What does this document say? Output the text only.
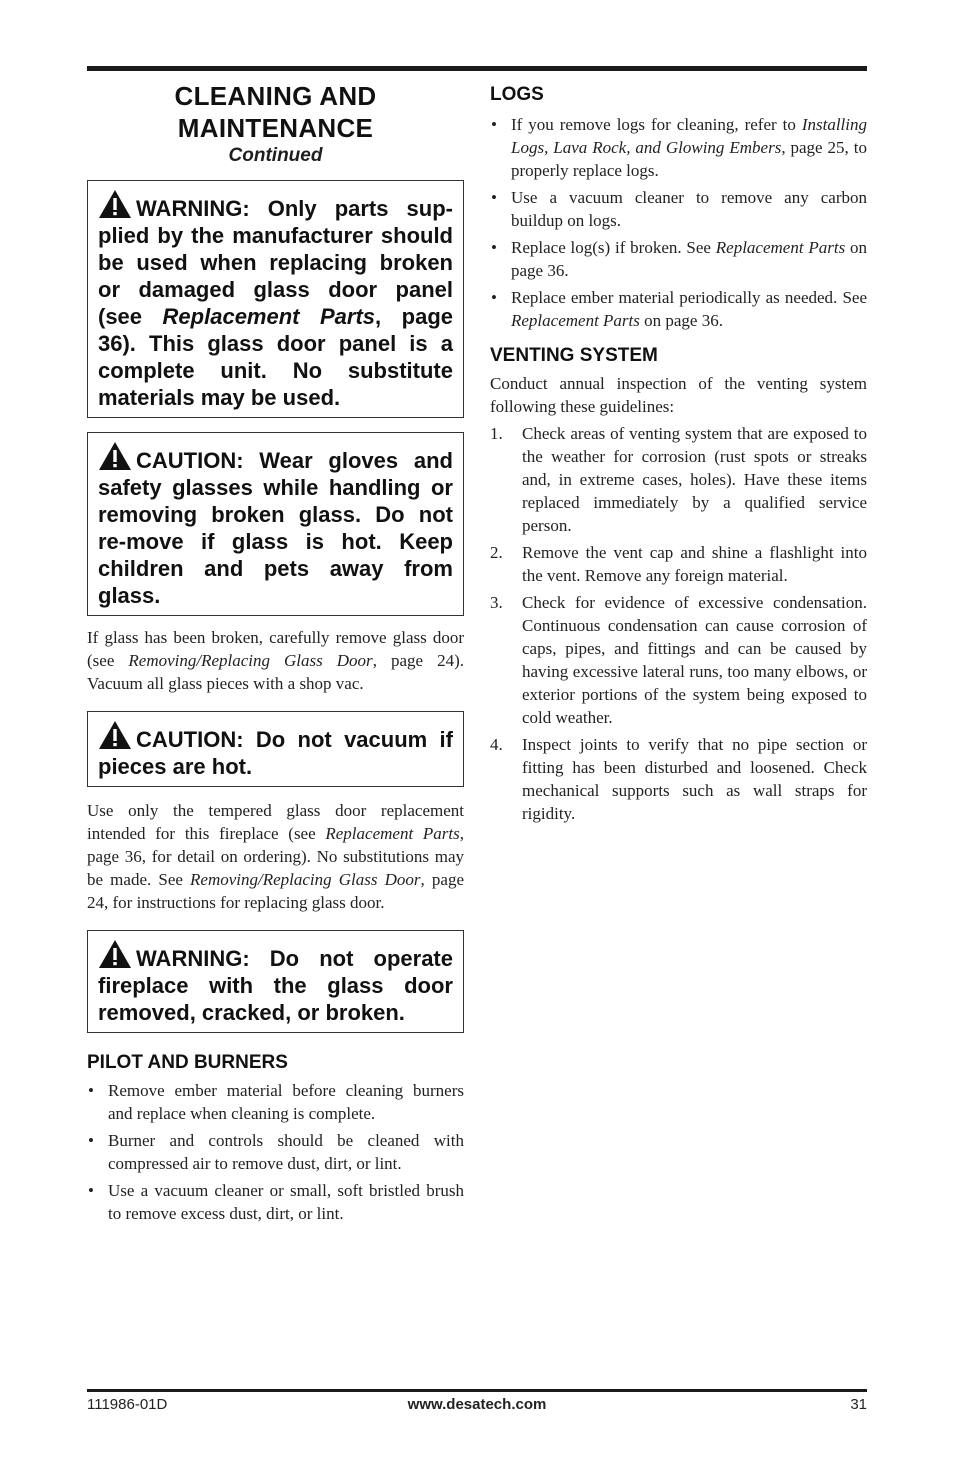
CLEANING AND
MAINTENANCE

Continued

WARNING: Only parts sup-plied by the manufacturer should be used when replacing broken or damaged glass door panel (see Replacement Parts, page 36). This glass door panel is a complete unit. No substitute materials may be used.
CAUTION: Wear gloves and safety glasses while handling or removing broken glass. Do not re-move if glass is hot. Keep children and pets away from glass.

If glass has been broken, carefully remove glass door (see Removing/Replacing Glass Door, page 24). Vacuum all glass pieces with a shop vac.

CAUTION: Do not vacuum if pieces are hot.

Use only the tempered glass door replacement intended for this fireplace (see Replacement Parts, page 36, for detail on ordering). No substitutions may be made. See Removing/Replacing Glass Door, page 24, for instructions for replacing glass door.

WARNING: Do not operate fireplace with the glass door removed, cracked, or broken.
PILOT AND BURNERS
• Remove ember material before cleaning burners and replace when cleaning is complete.
• Burner and controls should be cleaned with compressed air to remove dust, dirt, or lint.
• Use a vacuum cleaner or small, soft bristled brush to remove excess dust, dirt, or lint.
LOGS
• If you remove logs for cleaning, refer to Installing Logs, Lava Rock, and Glowing Embers, page 25, to properly replace logs.
• Use a vacuum cleaner to remove any carbon buildup on logs.
• Replace log(s) if broken. See Replacement Parts on page 36.
• Replace ember material periodically as needed. See Replacement Parts on page 36.
VENTING SYSTEM

Conduct annual inspection of the venting system following these guidelines:

1. Check areas of venting system that are exposed to the weather for corrosion (rust spots or streaks and, in extreme cases, holes). Have these items replaced immediately by a qualified service person.
2. Remove the vent cap and shine a flashlight into the vent. Remove any foreign material.
3. Check for evidence of excessive condensation. Continuous condensation can cause corrosion of caps, pipes, and fittings and can be caused by having excessive lateral runs, too many elbows, or exterior portions of the system being exposed to cold weather.
4. Inspect joints to verify that no pipe section or fitting has been disturbed and loosened. Check mechanical supports such as wall straps for rigidity.
111986-01D	www.desatech.com	31
